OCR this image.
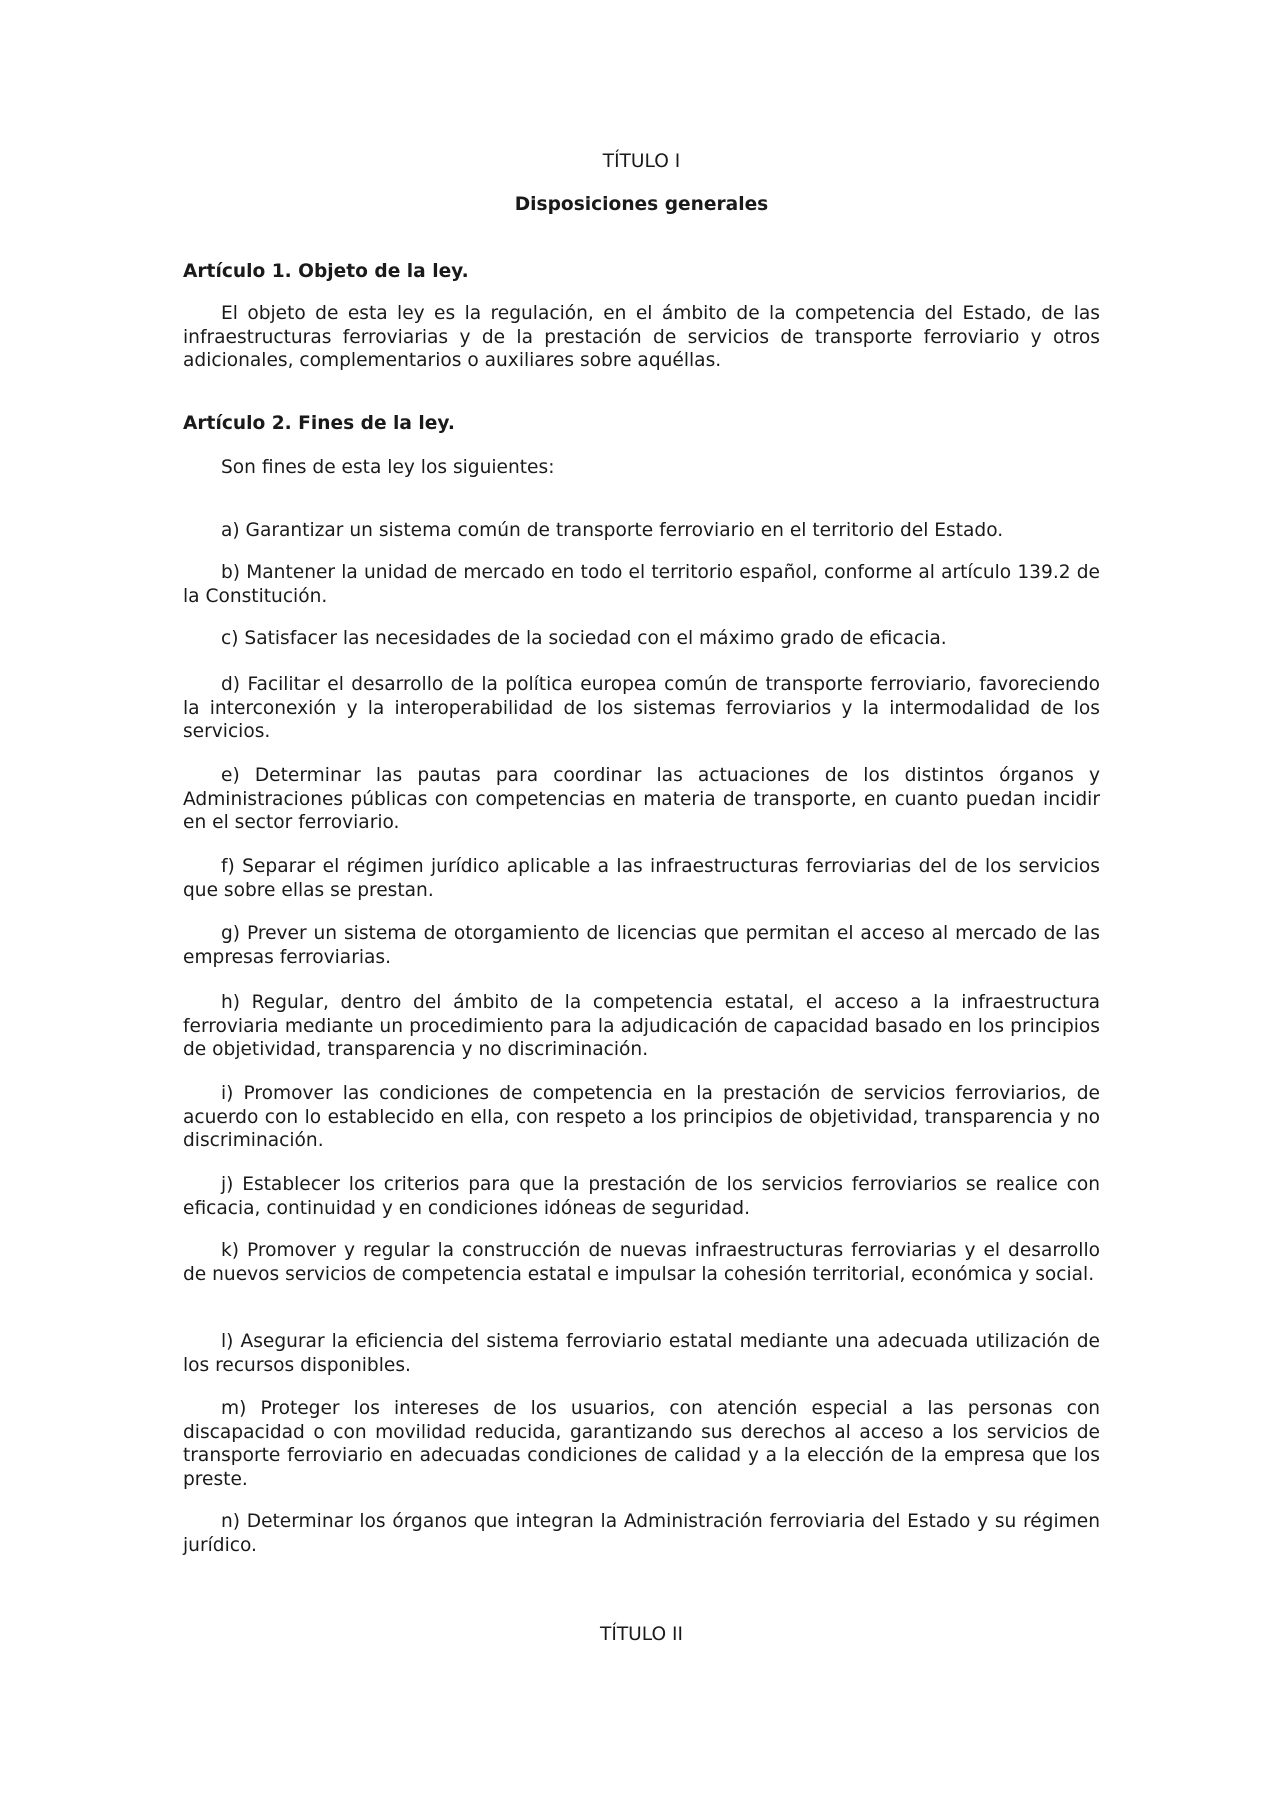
TÍTULO I
Disposiciones generales
Artículo 1. Objeto de la ley.

El objeto de esta ley es la regulación, en el ámbito de la competencia del Estado, de las infraestructuras ferroviarias y de la prestación de servicios de transporte ferroviario y otros adicionales, complementarios o auxiliares sobre aquéllas.

Artículo 2. Fines de la ley.

Son fines de esta ley los siguientes:

a) Garantizar un sistema común de transporte ferroviario en el territorio del Estado.

b) Mantener la unidad de mercado en todo el territorio español, conforme al artículo 139.2 de la Constitución.

c) Satisfacer las necesidades de la sociedad con el máximo grado de eficacia.

d) Facilitar el desarrollo de la política europea común de transporte ferroviario, favoreciendo la interconexión y la interoperabilidad de los sistemas ferroviarios y la intermodalidad de los servicios.

e) Determinar las pautas para coordinar las actuaciones de los distintos órganos y Administraciones públicas con competencias en materia de transporte, en cuanto puedan incidir en el sector ferroviario.

f) Separar el régimen jurídico aplicable a las infraestructuras ferroviarias del de los servicios que sobre ellas se prestan.

g) Prever un sistema de otorgamiento de licencias que permitan el acceso al mercado de las empresas ferroviarias.

h) Regular, dentro del ámbito de la competencia estatal, el acceso a la infraestructura ferroviaria mediante un procedimiento para la adjudicación de capacidad basado en los principios de objetividad, transparencia y no discriminación.

i) Promover las condiciones de competencia en la prestación de servicios ferroviarios, de acuerdo con lo establecido en ella, con respeto a los principios de objetividad, transparencia y no discriminación.

j) Establecer los criterios para que la prestación de los servicios ferroviarios se realice con eficacia, continuidad y en condiciones idóneas de seguridad.

k) Promover y regular la construcción de nuevas infraestructuras ferroviarias y el desarrollo de nuevos servicios de competencia estatal e impulsar la cohesión territorial, económica y social.

l) Asegurar la eficiencia del sistema ferroviario estatal mediante una adecuada utilización de los recursos disponibles.

m) Proteger los intereses de los usuarios, con atención especial a las personas con discapacidad o con movilidad reducida, garantizando sus derechos al acceso a los servicios de transporte ferroviario en adecuadas condiciones de calidad y a la elección de la empresa que los preste.

n) Determinar los órganos que integran la Administración ferroviaria del Estado y su régimen jurídico.

TÍTULO II
